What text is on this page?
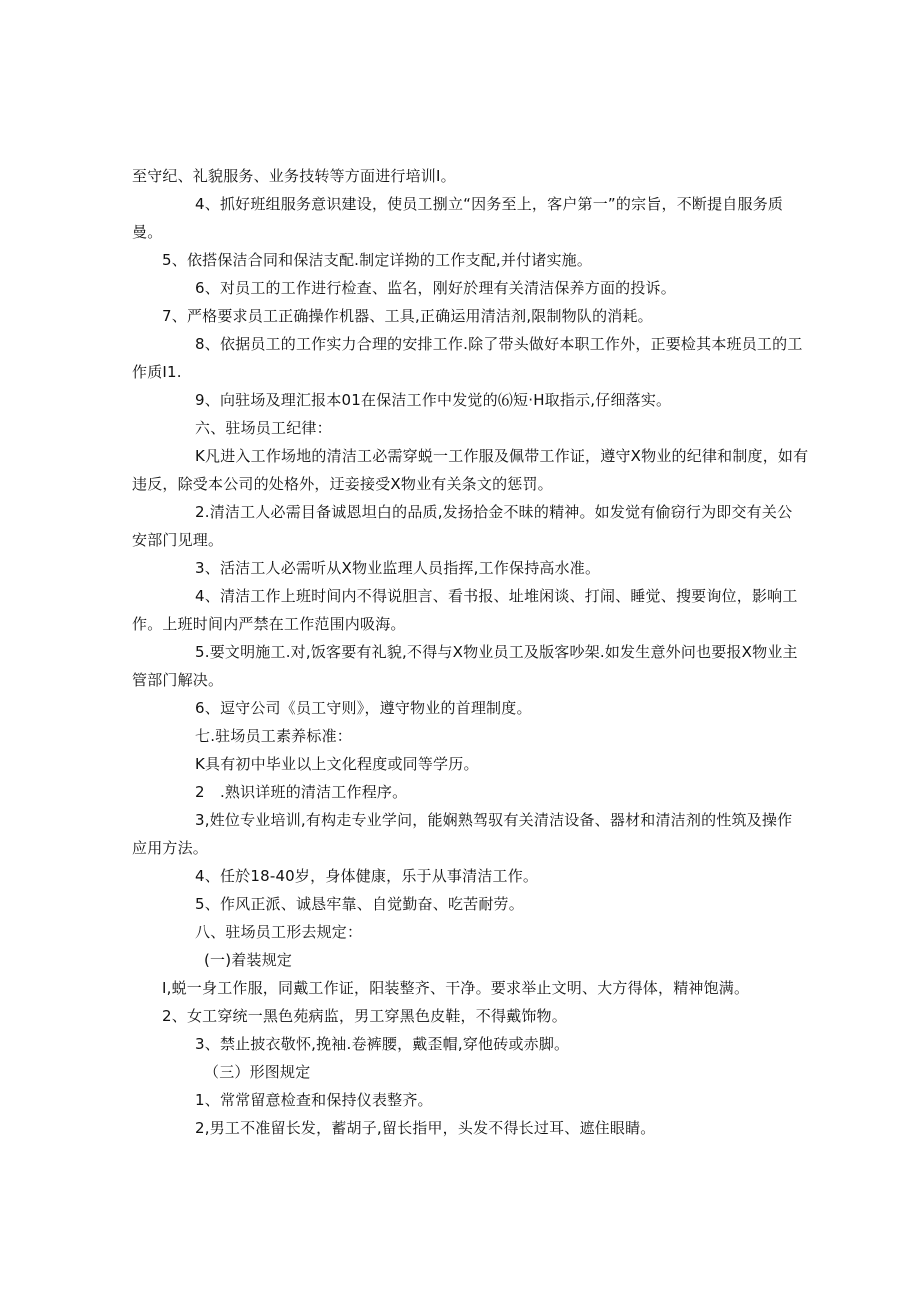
至守纪、礼貌服务、业务技转等方面进行培训I。
4、抓好班组服务意识建设，使员工捌立“因务至上，客户第一”的宗旨，不断提自服务质
曼。
5、依搭保洁合同和保洁支配.制定详拗的工作支配,并付诸实施。
6、对员工的工作进行检查、监名，刚好於理有关清洁保养方面的投诉。
7、严格要求员工正确操作机器、工具,正确运用清洁剂,限制物队的消耗。
8、依据员工的工作实力合理的安排工作.除了带头做好本职工作外，正要检其本班员工的工
作质I1.
9、向驻场及理汇报本01在保洁工作中发觉的⑹短·H取指示,仔细落实。
六、驻场员工纪律：
K凡进入工作场地的清洁工必需穿蜕一工作服及佩带工作证，遵守X物业的纪律和制度，如有
违反，除受本公司的处格外，迂妾接受X物业有关条文的惩罚。
2.清洁工人必需目备诚恩坦白的品质,发扬拾金不昧的精神。如发觉有偷窃行为即交有关公
安部门见理。
3、活洁工人必需听从X物业监理人员指挥,工作保持高水准。
4、清洁工作上班时间内不得说胆言、看书报、址堆闲谈、打闹、睡觉、搜要询位，影响工
作。上班时间内严禁在工作范围内吸海。
5.要文明施工.对,饭客要有礼貌,不得与X物业员工及版客吵架.如发生意外问也要报X物业主
管部门解决。
6、逗守公司《员工守则》，遵守物业的首理制度。
七.驻场员工素养标准：
K具有初中毕业以上文化程度或同等学历。
2　.熟识详班的清洁工作程序。
3,姓位专业培训,有构走专业学问，能娴熟驾驭有关清洁设备、器材和清洁剂的性筑及操作
应用方法。
4、任於18-40岁，身体健康，乐于从事清洁工作。
5、作风正派、诚恳牢靠、自觉勤奋、吃苦耐劳。
八、驻场员工形去规定：
(一)着装规定
I,蜕一身工作服，同戴工作证，阳装整齐、干净。要求举止文明、大方得体，精神饱满。
2、女工穿统一黑色苑病监，男工穿黑色皮鞋，不得戴饰物。
3、禁止披衣敬怀,挽袖.卷裤腰，戴歪帽,穿他砖或赤脚。
（三）形图规定
1、常常留意检查和保持仪表整齐。
2,男工不准留长发，蓄胡子,留长指甲，头发不得长过耳、遮住眼睛。
